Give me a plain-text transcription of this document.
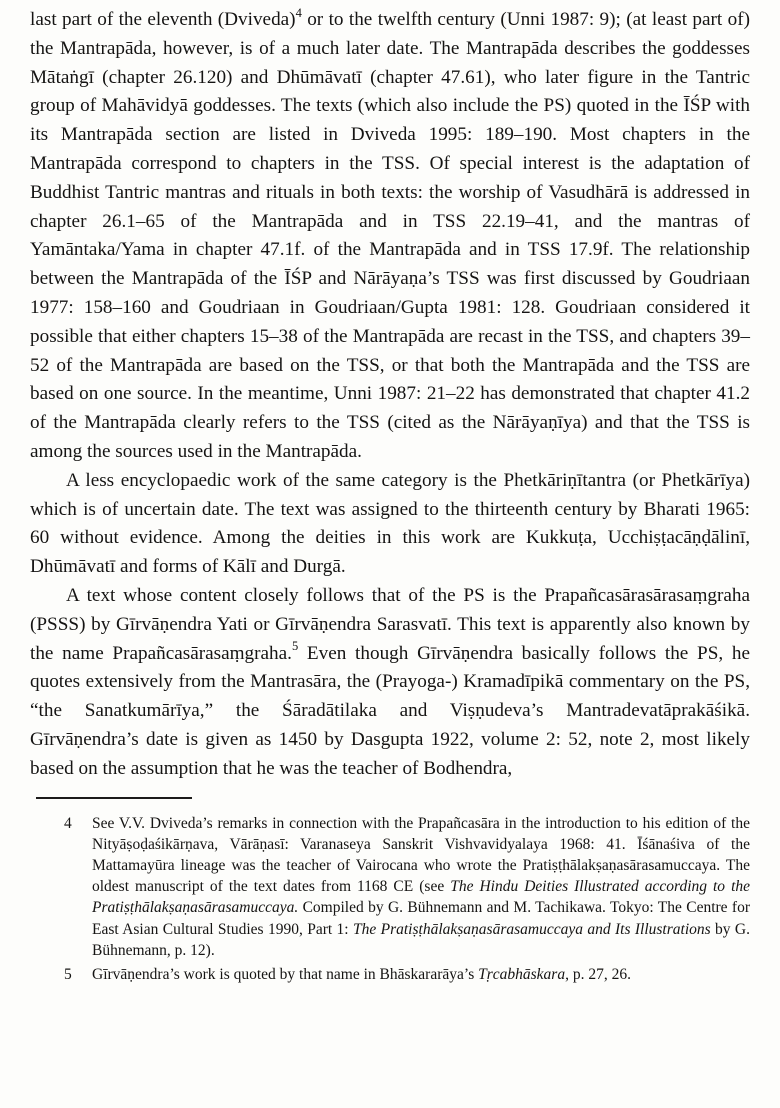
last part of the eleventh (Dviveda)$^4$ or to the twelfth century (Unni 1987: 9); (at least part of) the Mantrapāda, however, is of a much later date. The Mantrapāda describes the goddesses Mātaṅgī (chapter 26.120) and Dhūmāvatī (chapter 47.61), who later figure in the Tantric group of Mahāvidyā goddesses. The texts (which also include the PS) quoted in the ĪŚP with its Mantrapāda section are listed in Dviveda 1995: 189–190. Most chapters in the Mantrapāda correspond to chapters in the TSS. Of special interest is the adaptation of Buddhist Tantric mantras and rituals in both texts: the worship of Vasudhārā is addressed in chapter 26.1–65 of the Mantrapāda and in TSS 22.19–41, and the mantras of Yamāntaka/Yama in chapter 47.1f. of the Mantrapāda and in TSS 17.9f. The relationship between the Mantrapāda of the ĪŚP and Nārāyaṇa’s TSS was first discussed by Goudriaan 1977: 158–160 and Goudriaan in Goudriaan/Gupta 1981: 128. Goudriaan considered it possible that either chapters 15–38 of the Mantrapāda are recast in the TSS, and chapters 39–52 of the Mantrapāda are based on the TSS, or that both the Mantrapāda and the TSS are based on one source. In the meantime, Unni 1987: 21–22 has demonstrated that chapter 41.2 of the Mantrapāda clearly refers to the TSS (cited as the Nārāyaṇīya) and that the TSS is among the sources used in the Mantrapāda.

A less encyclopaedic work of the same category is the Phetkāriṇītantra (or Phetkārīya) which is of uncertain date. The text was assigned to the thirteenth century by Bharati 1965: 60 without evidence. Among the deities in this work are Kukkuṭa, Ucchiṣṭacāṇḍālinī, Dhūmāvatī and forms of Kālī and Durgā.

A text whose content closely follows that of the PS is the Prapañcasārasārasaṃgraha (PSSS) by Gīrvāṇendra Yati or Gīrvāṇendra Sarasvatī. This text is apparently also known by the name Prapañcasārasaṃgraha.$^5$ Even though Gīrvāṇendra basically follows the PS, he quotes extensively from the Mantrasāra, the (Prayoga-) Kramadīpikā commentary on the PS, “the Sanatkumārīya,” the Śāradātilaka and Viṣṇudeva’s Mantradevatāprakāśikā. Gīrvāṇendra’s date is given as 1450 by Dasgupta 1922, volume 2: 52, note 2, most likely based on the assumption that he was the teacher of Bodhendra,

4 See V.V. Dviveda’s remarks in connection with the Prapañcasāra in the introduction to his edition of the Nityāṣoḍaśikārṇava, Vārāṇasī: Varanaseya Sanskrit Vishvavidyalaya 1968: 41. Īśānaśiva of the Mattamayūra lineage was the teacher of Vairocana who wrote the Pratiṣṭhālakṣaṇasārasamuccaya. The oldest manuscript of the text dates from 1168 CE (see The Hindu Deities Illustrated according to the Pratiṣṭhālakṣaṇasārasamuccaya. Compiled by G. Bühnemann and M. Tachikawa. Tokyo: The Centre for East Asian Cultural Studies 1990, Part 1: The Pratiṣṭhālakṣaṇasārasamuccaya and Its Illustrations by G. Bühnemann, p. 12).
5 Gīrvāṇendra’s work is quoted by that name in Bhāskararāya’s Tṛcabhāskara, p. 27, 26.
